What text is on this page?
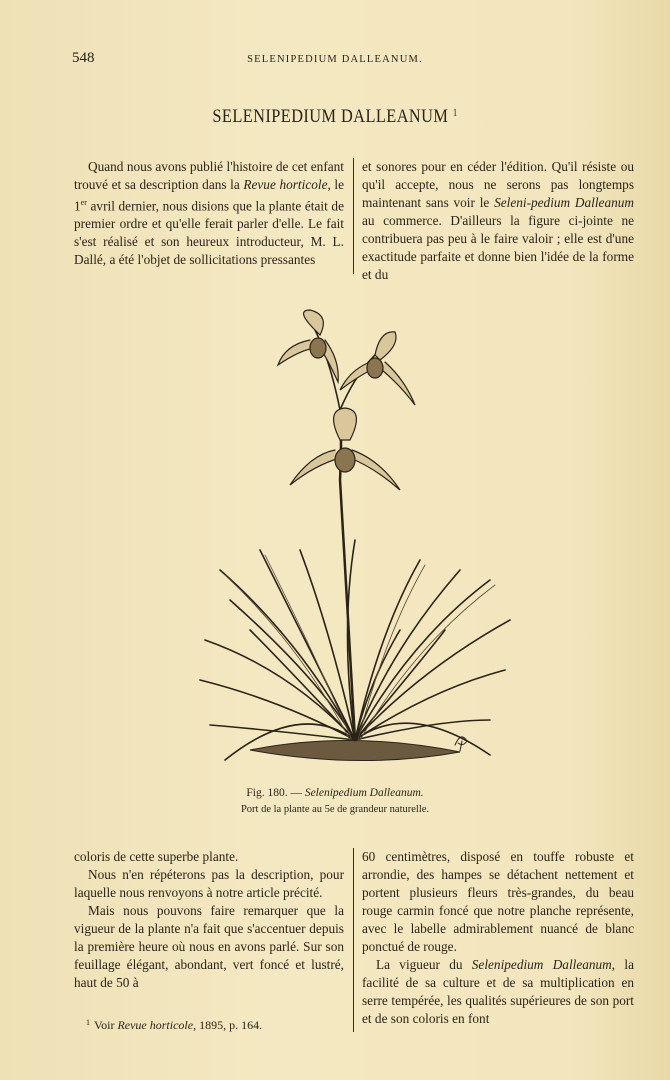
548	SELENIPEDIUM DALLEANUM.
SELENIPEDIUM DALLEANUM $^1$

Quand nous avons publié l'histoire de cet enfant trouvé et sa description dans la Revue horticole, le 1er avril dernier, nous disions que la plante était de premier ordre et qu'elle ferait parler d'elle. Le fait s'est réalisé et son heureux introducteur, M. L. Dallé, a été l'objet de sollicitations pressantes

et sonores pour en céder l'édition. Qu'il résiste ou qu'il accepte, nous ne serons pas longtemps maintenant sans voir le Seleni-pedium Dalleanum au commerce. D'ailleurs la figure ci-jointe ne contribuera pas peu à le faire valoir ; elle est d'une exactitude parfaite et donne bien l'idée de la forme et du

Fig. 180. — Selenipedium Dalleanum.
Port de la plante au 5e de grandeur naturelle.

coloris de cette superbe plante.

Nous n'en répéterons pas la description, pour laquelle nous renvoyons à notre article précité.

Mais nous pouvons faire remarquer que la vigueur de la plante n'a fait que s'accentuer depuis la première heure où nous en avons parlé. Sur son feuillage élégant, abondant, vert foncé et lustré, haut de 50 à

60 centimètres, disposé en touffe robuste et arrondie, des hampes se détachent nettement et portent plusieurs fleurs très-grandes, du beau rouge carmin foncé que notre planche représente, avec le labelle admirablement nuancé de blanc ponctué de rouge.

La vigueur du Selenipedium Dalleanum, la facilité de sa culture et de sa multiplication en serre tempérée, les qualités supérieures de son port et de son coloris en font

$^1$ Voir Revue horticole, 1895, p. 164.
